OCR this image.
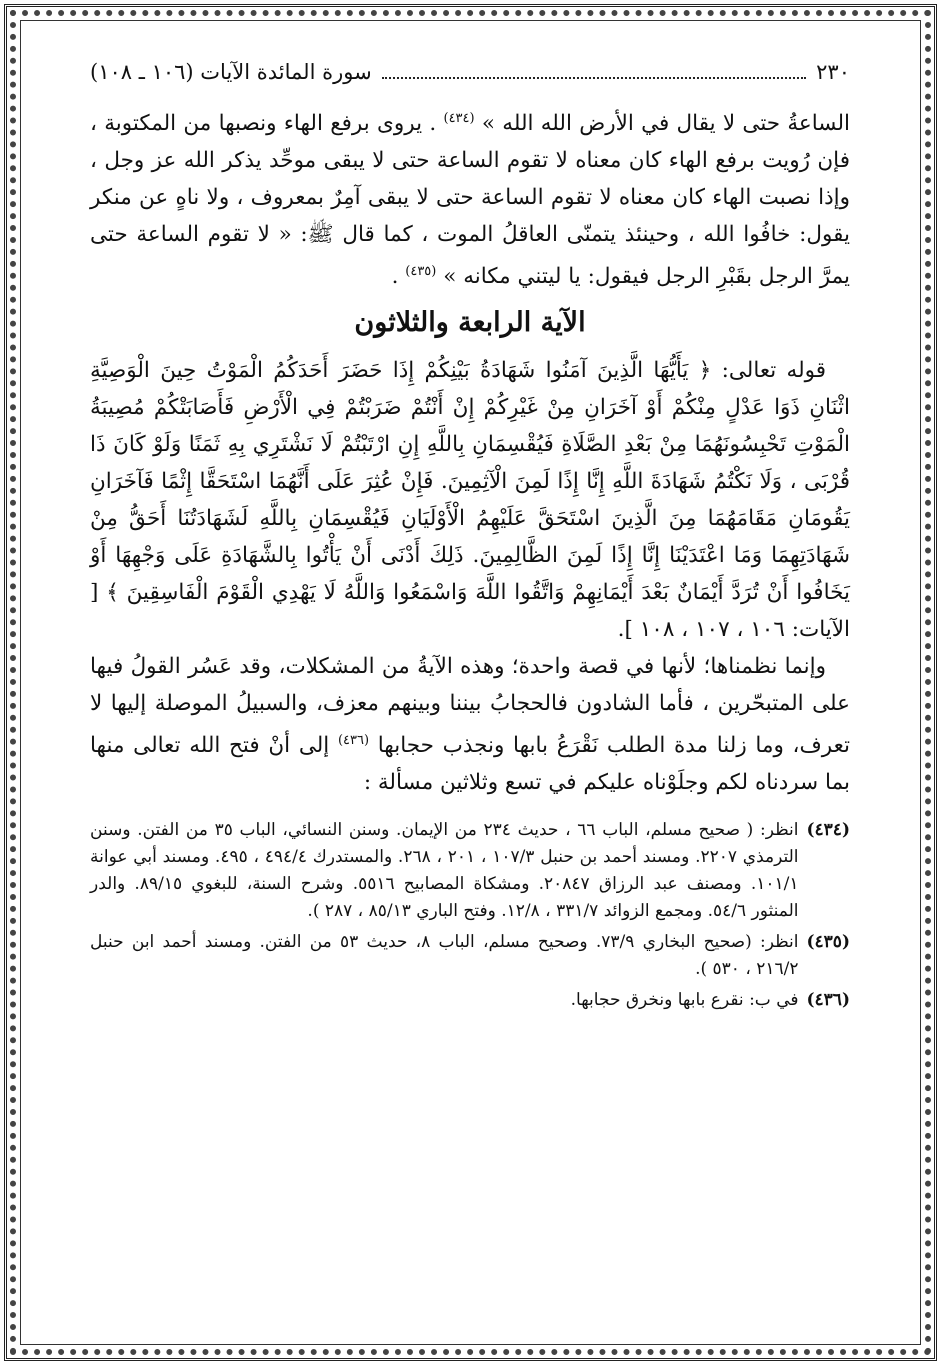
٢٣٠
سورة المائدة الآيات (١٠٦ ـ ١٠٨)

الساعةُ حتى لا يقال في الأرض الله الله » $^{(٤٣٤)}$ . يروى برفع الهاء ونصبها من المكتوبة ، فإن رُويت برفع الهاء كان معناه لا تقوم الساعة حتى لا يبقى موحِّد يذكر الله عز وجل ، وإذا نصبت الهاء كان معناه لا تقوم الساعة حتى لا يبقى آمِرٌ بمعروف ، ولا ناهٍ عن منكر يقول: خافُوا الله ، وحينئذ يتمنّى العاقلُ الموت ، كما قال ﷺ: « لا تقوم الساعة حتى يمرَّ الرجل بقَبْرِ الرجل فيقول: يا ليتني مكانه » $^{(٤٣٥)}$ .

الآية الرابعة والثلاثون

قوله تعالى: ﴿ يَأَيُّهَا الَّذِينَ آمَنُوا شَهَادَةُ بَيْنِكُمْ إِذَا حَضَرَ أَحَدَكُمُ الْمَوْتُ حِينَ الْوَصِيَّةِ اثْنَانِ ذَوَا عَدْلٍ مِنْكُمْ أَوْ آخَرَانِ مِنْ غَيْرِكُمْ إِنْ أَنْتُمْ ضَرَبْتُمْ فِي الْأَرْضِ فَأَصَابَتْكُمْ مُصِيبَةُ الْمَوْتِ تَحْبِسُونَهُمَا مِنْ بَعْدِ الصَّلَاةِ فَيُقْسِمَانِ بِاللَّهِ إِنِ ارْتَبْتُمْ لَا نَشْتَرِي بِهِ ثَمَنًا وَلَوْ كَانَ ذَا قُرْبَى ، وَلَا نَكْتُمُ شَهَادَةَ اللَّهِ إِنَّا إِذًا لَمِنَ الْآثِمِينَ. فَإِنْ عُثِرَ عَلَى أَنَّهُمَا اسْتَحَقَّا إِثْمًا فَآخَرَانِ يَقُومَانِ مَقَامَهُمَا مِنَ الَّذِينَ اسْتَحَقَّ عَلَيْهِمُ الْأَوْلَيَانِ فَيُقْسِمَانِ بِاللَّهِ لَشَهَادَتُنَا أَحَقُّ مِنْ شَهَادَتِهِمَا وَمَا اعْتَدَيْنَا إِنَّا إِذًا لَمِنَ الظَّالِمِينَ. ذَلِكَ أَدْنَى أَنْ يَأْتُوا بِالشَّهَادَةِ عَلَى وَجْهِهَا أَوْ يَخَافُوا أَنْ تُرَدَّ أَيْمَانٌ بَعْدَ أَيْمَانِهِمْ وَاتَّقُوا اللَّهَ وَاسْمَعُوا وَاللَّهُ لَا يَهْدِي الْقَوْمَ الْفَاسِقِينَ ﴾ [ الآيات: ١٠٦ ، ١٠٧ ، ١٠٨ ].

وإنما نظمناها؛ لأنها في قصة واحدة؛ وهذه الآيةُ من المشكلات، وقد عَسُر القولُ فيها على المتبحّرين ، فأما الشادون فالحجابُ بيننا وبينهم معزف، والسبيلُ الموصلة إليها لا تعرف، وما زلنا مدة الطلب نَقْرَعُ بابها ونجذب حجابها $^{(٤٣٦)}$ إلى أنْ فتح الله تعالى منها بما سردناه لكم وجلَوْناه عليكم في تسع وثلاثين مسألة :

(٤٣٤)
انظر: ( صحيح مسلم، الباب ٦٦ ، حديث ٢٣٤ من الإيمان. وسنن النسائي، الباب ٣٥ من الفتن. وسنن الترمذي ٢٢٠٧. ومسند أحمد بن حنبل ١٠٧/٣ ، ٢٠١ ، ٢٦٨. والمستدرك ٤٩٤/٤ ، ٤٩٥. ومسند أبي عوانة ١٠١/١. ومصنف عبد الرزاق ٢٠٨٤٧. ومشكاة المصابيح ٥٥١٦. وشرح السنة، للبغوي ٨٩/١٥. والدر المنثور ٥٤/٦. ومجمع الزوائد ٣٣١/٧ ، ١٢/٨. وفتح الباري ٨٥/١٣ ، ٢٨٧ ).
(٤٣٥)
انظر: (صحيح البخاري ٧٣/٩. وصحيح مسلم، الباب ٨، حديث ٥٣ من الفتن. ومسند أحمد ابن حنبل ٢١٦/٢ ، ٥٣٠ ).
(٤٣٦)
في ب: نقرع بابها ونخرق حجابها.
